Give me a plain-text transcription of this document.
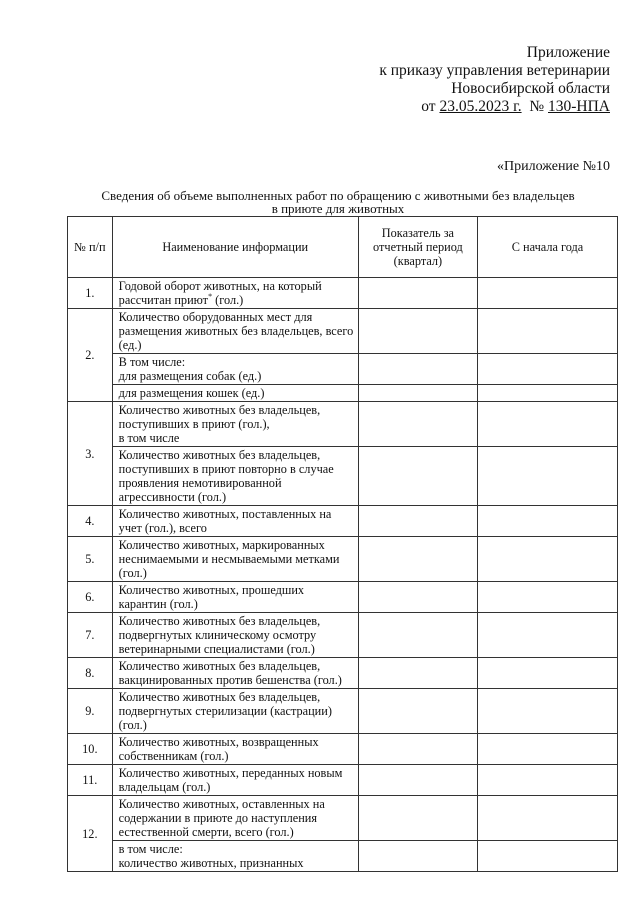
Приложение
к приказу управления ветеринарии
Новосибирской области
от 23.05.2023 г. № 130-НПА
«Приложение №10
Сведения об объеме выполненных работ по обращению с животными без владельцев
в приюте для животных
№ п/п	Наименование информации	Показатель за отчетный период (квартал)	С начала года
1.	Годовой оборот животных, на который рассчитан приют* (гол.)		
2.	Количество оборудованных мест для размещения животных без владельцев, всего (ед.)		
	В том числе:
для размещения собак (ед.)		
	для размещения кошек (ед.)		
3.	Количество животных без владельцев, поступивших в приют (гол.),
в том числе		
	Количество животных без владельцев, поступивших в приют повторно в случае проявления немотивированной агрессивности (гол.)		
4.	Количество животных, поставленных на учет (гол.), всего		
5.	Количество животных, маркированных неснимаемыми и несмываемыми метками (гол.)		
6.	Количество животных, прошедших карантин (гол.)		
7.	Количество животных без владельцев, подвергнутых клиническому осмотру ветеринарными специалистами (гол.)		
8.	Количество животных без владельцев, вакцинированных против бешенства (гол.)		
9.	Количество животных без владельцев, подвергнутых стерилизации (кастрации) (гол.)		
10.	Количество животных, возвращенных собственникам (гол.)		
11.	Количество животных, переданных новым владельцам (гол.)		
12.	Количество животных, оставленных на содержании в приюте до наступления естественной смерти, всего (гол.)		
	в том числе:
количество животных, признанных		
